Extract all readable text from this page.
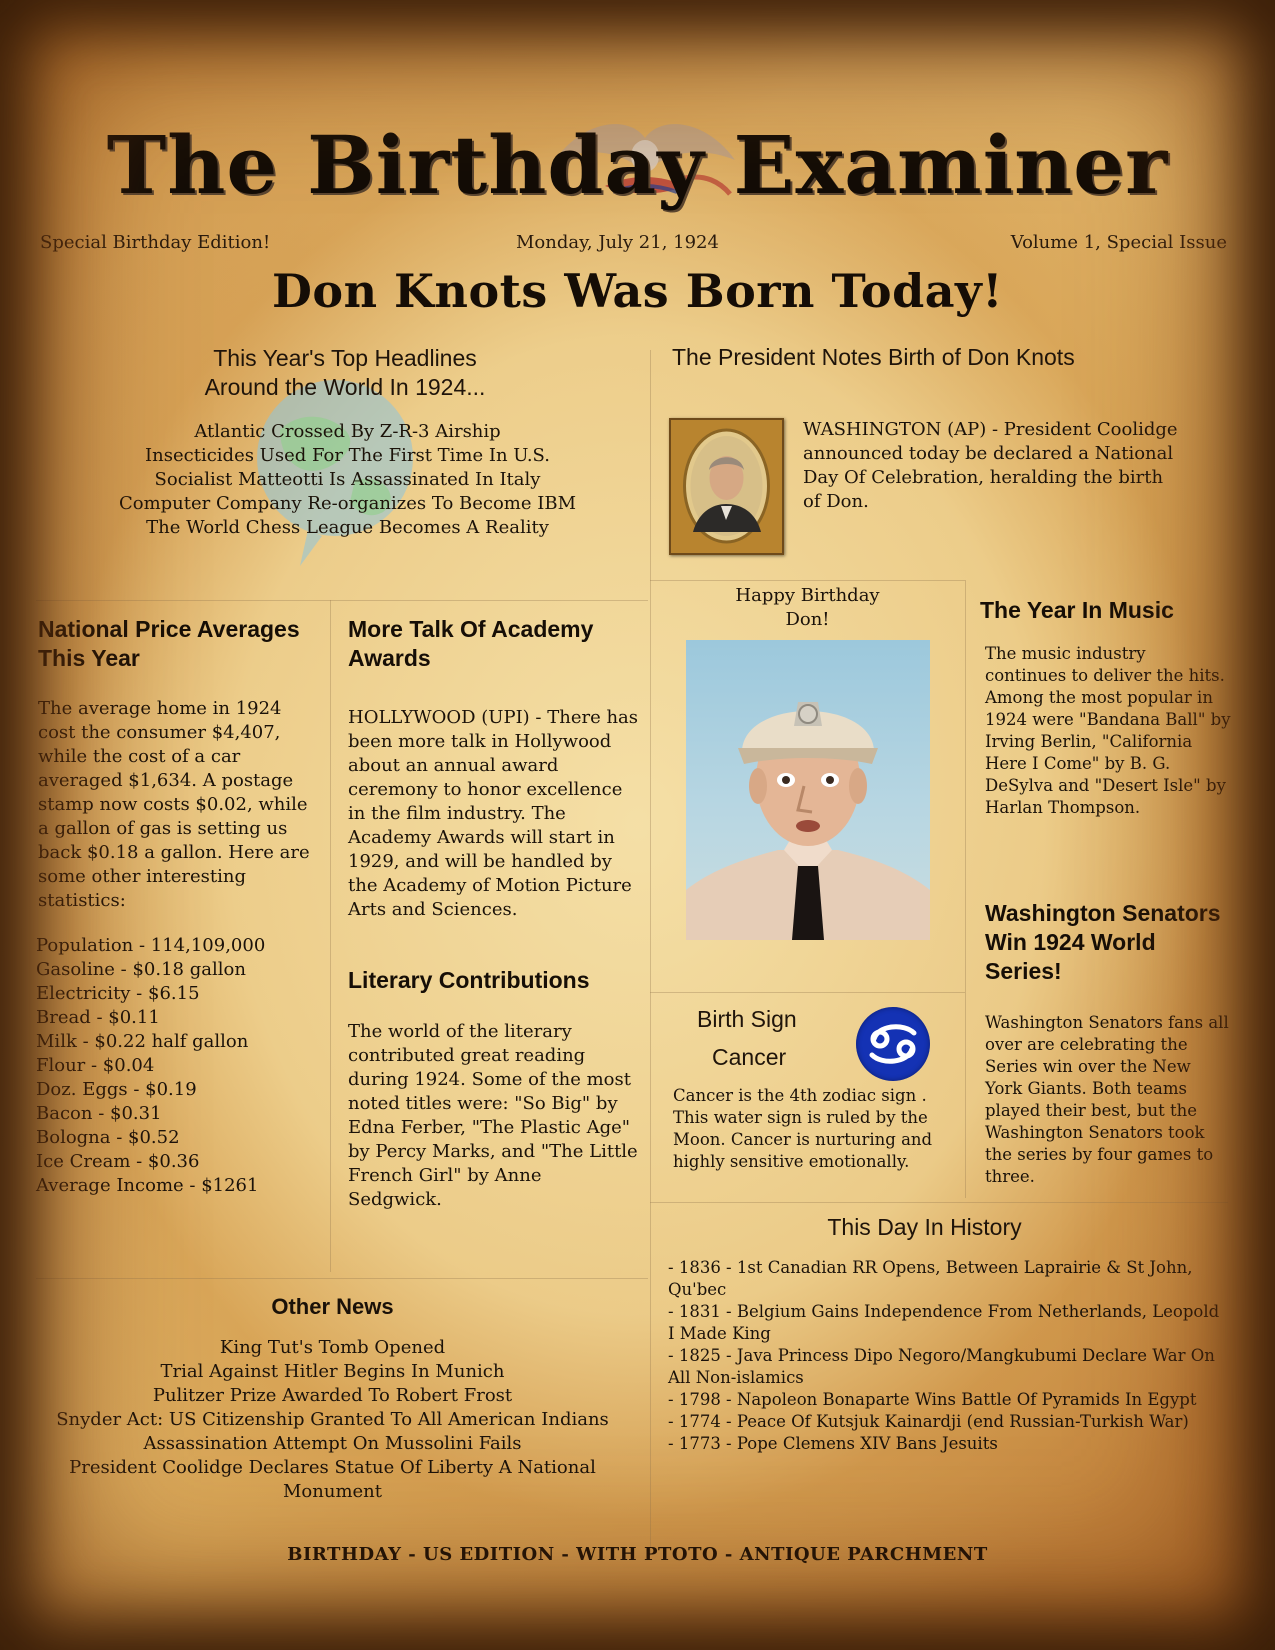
The Birthday Examiner
Special Birthday Edition!	Monday, July 21, 1924	Volume 1, Special Issue
Don Knots Was Born Today!
This Year's Top Headlines
Around the World In 1924...
Atlantic Crossed By Z-R-3 Airship
Insecticides Used For The First Time In U.S.
Socialist Matteotti Is Assassinated In Italy
Computer Company Re-organizes To Become IBM
The World Chess League Becomes A Reality
The President Notes Birth of Don Knots
WASHINGTON (AP) - President Coolidge announced today be declared a National Day Of Celebration, heralding the birth of Don.
National Price Averages This Year
The average home in 1924 cost the consumer $4,407, while the cost of a car averaged $1,634. A postage stamp now costs $0.02, while a gallon of gas is setting us back $0.18 a gallon. Here are some other interesting statistics:
Population - 114,109,000
Gasoline - $0.18 gallon
Electricity - $6.15
Bread - $0.11
Milk - $0.22 half gallon
Flour - $0.04
Doz. Eggs - $0.19
Bacon - $0.31
Bologna - $0.52
Ice Cream - $0.36
Average Income - $1261
More Talk Of Academy Awards
HOLLYWOOD (UPI) - There has been more talk in Hollywood about an annual award ceremony to honor excellence in the film industry. The Academy Awards will start in 1929, and will be handled by the Academy of Motion Picture Arts and Sciences.
Literary Contributions
The world of the literary contributed great reading during 1924. Some of the most noted titles were: "So Big" by Edna Ferber, "The Plastic Age" by Percy Marks, and "The Little French Girl" by Anne Sedgwick.
Happy Birthday
Don!	The Year In Music
The music industry continues to deliver the hits. Among the most popular in 1924 were "Bandana Ball" by Irving Berlin, "California Here I Come" by B. G. DeSylva and "Desert Isle" by Harlan Thompson.
Washington Senators Win 1924 World Series!
Washington Senators fans all over are celebrating the Series win over the New York Giants. Both teams played their best, but the Washington Senators took the series by four games to three.
Birth Sign
Cancer
Cancer is the 4th zodiac sign . This water sign is ruled by the Moon. Cancer is nurturing and highly sensitive emotionally.
This Day In History
- 1836 - 1st Canadian RR Opens, Between Laprairie & St John, Qu'bec
- 1831 - Belgium Gains Independence From Netherlands, Leopold I Made King
- 1825 - Java Princess Dipo Negoro/Mangkubumi Declare War On All Non-islamics
- 1798 - Napoleon Bonaparte Wins Battle Of Pyramids In Egypt
- 1774 - Peace Of Kutsjuk Kainardji (end Russian-Turkish War)
- 1773 - Pope Clemens XIV Bans Jesuits
Other News
King Tut's Tomb Opened
Trial Against Hitler Begins In Munich
Pulitzer Prize Awarded To Robert Frost
Snyder Act: US Citizenship Granted To All American Indians
Assassination Attempt On Mussolini Fails
President Coolidge Declares Statue Of Liberty A National Monument
BIRTHDAY - US EDITION - WITH PTOTO - ANTIQUE PARCHMENT
